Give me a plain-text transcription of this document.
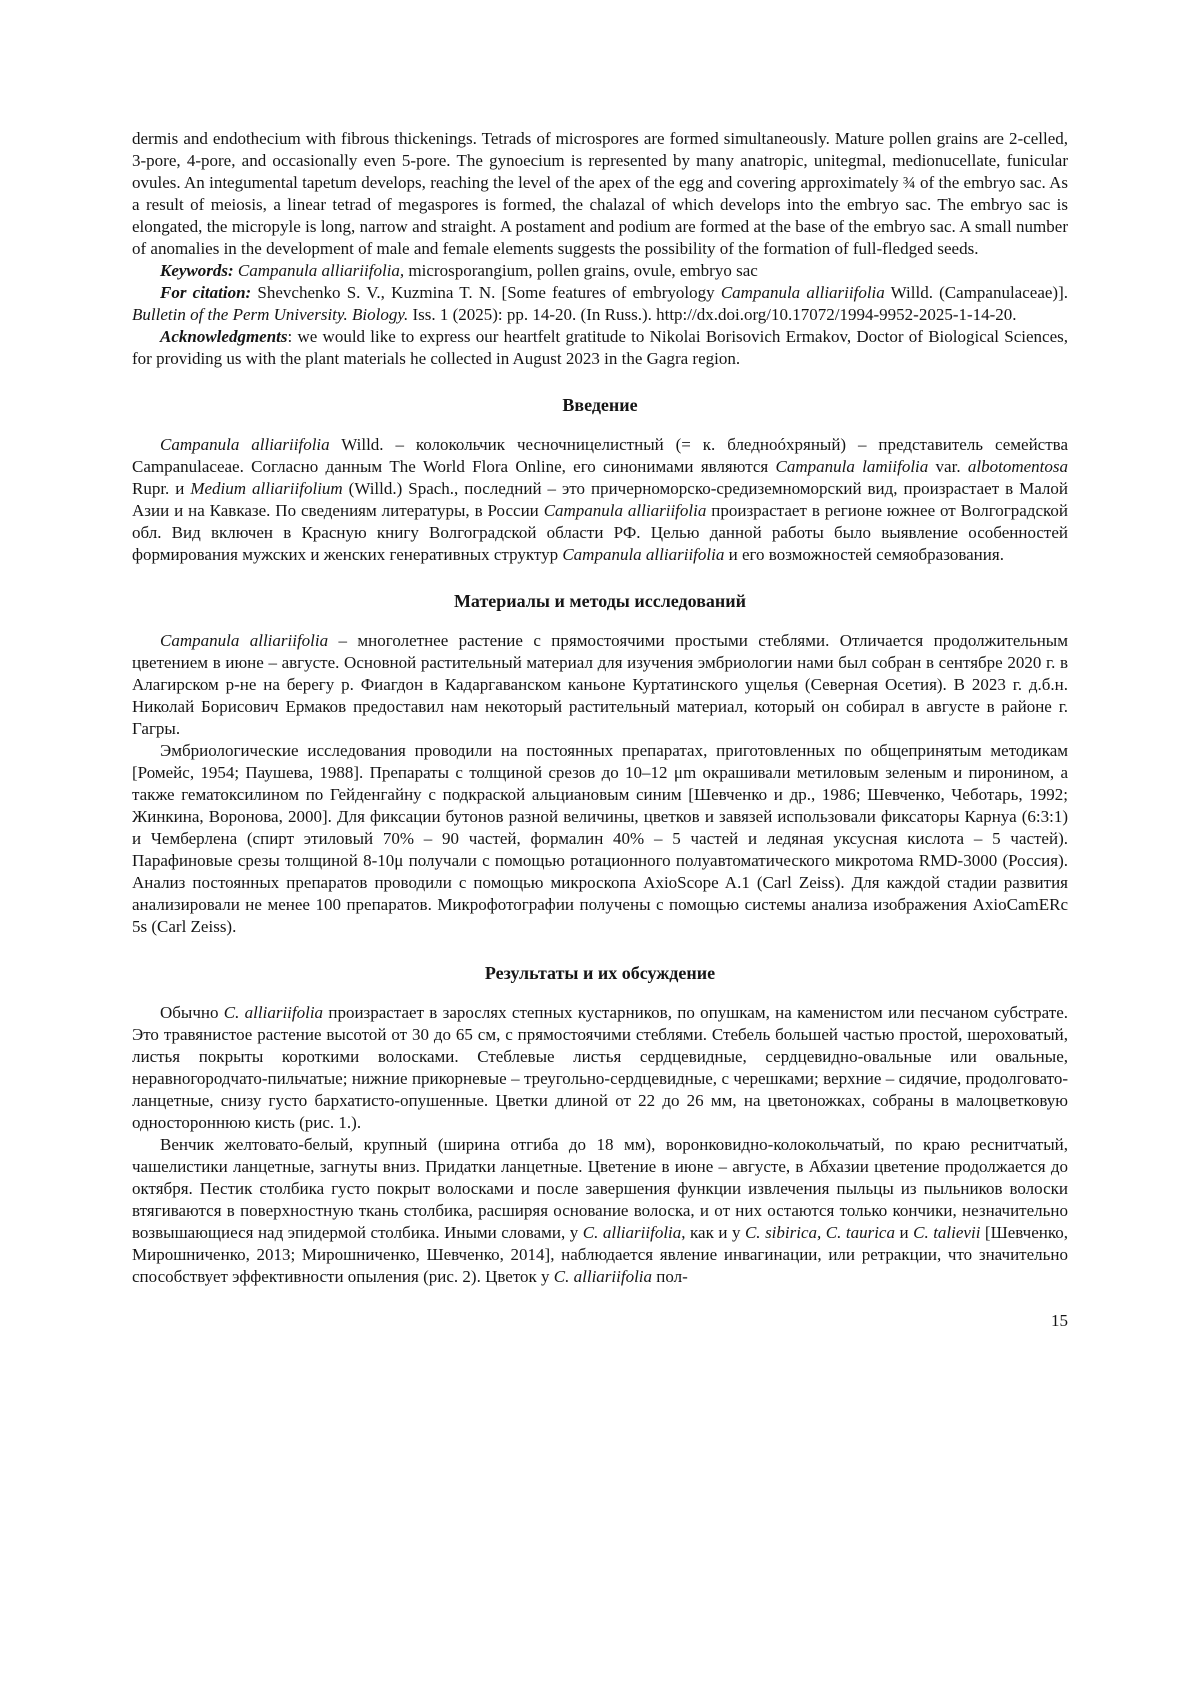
dermis and endothecium with fibrous thickenings. Tetrads of microspores are formed simultaneously. Mature pollen grains are 2-celled, 3-pore, 4-pore, and occasionally even 5-pore. The gynoecium is represented by many anatropic, unitegmal, medionucellate, funicular ovules. An integumental tapetum develops, reaching the level of the apex of the egg and covering approximately ¾ of the embryo sac. As a result of meiosis, a linear tetrad of megaspores is formed, the chalazal of which develops into the embryo sac. The embryo sac is elongated, the micropyle is long, narrow and straight. A postament and podium are formed at the base of the embryo sac. A small number of anomalies in the development of male and female elements suggests the possibility of the formation of full-fledged seeds.

Keywords: Campanula alliariifolia, microsporangium, pollen grains, ovule, embryo sac

For citation: Shevchenko S. V., Kuzmina T. N. [Some features of embryology Campanula alliariifolia Willd. (Campanulaceae)]. Bulletin of the Perm University. Biology. Iss. 1 (2025): pp. 14-20. (In Russ.). http://dx.doi.org/10.17072/1994-9952-2025-1-14-20.

Acknowledgments: we would like to express our heartfelt gratitude to Nikolai Borisovich Ermakov, Doctor of Biological Sciences, for providing us with the plant materials he collected in August 2023 in the Gagra region.

Введение

Campanula alliariifolia Willd. – колокольчик чесночницелистный (= к. бледноóхряный) – представитель семейства Campanulaceae. Согласно данным The World Flora Online, его синонимами являются Campanula lamiifolia var. albotomentosa Rupr. и Medium alliariifolium (Willd.) Spach., последний – это причерноморско-средиземноморский вид, произрастает в Малой Азии и на Кавказе. По сведениям литературы, в России Campanula alliariifolia произрастает в регионе южнее от Волгоградской обл. Вид включен в Красную книгу Волгоградской области РФ. Целью данной работы было выявление особенностей формирования мужских и женских генеративных структур Campanula alliariifolia и его возможностей семяобразования.

Материалы и методы исследований

Campanula alliariifolia – многолетнее растение с прямостоячими простыми стеблями. Отличается продолжительным цветением в июне – августе. Основной растительный материал для изучения эмбриологии нами был собран в сентябре 2020 г. в Алагирском р-не на берегу р. Фиагдон в Кадаргаванском каньоне Куртатинского ущелья (Северная Осетия). В 2023 г. д.б.н. Николай Борисович Ермаков предоставил нам некоторый растительный материал, который он собирал в августе в районе г. Гагры.

Эмбриологические исследования проводили на постоянных препаратах, приготовленных по общепринятым методикам [Ромейс, 1954; Паушева, 1988]. Препараты с толщиной срезов до 10–12 μm окрашивали метиловым зеленым и пиронином, а также гематоксилином по Гейденгайну с подкраской альциановым синим [Шевченко и др., 1986; Шевченко, Чеботарь, 1992; Жинкина, Воронова, 2000]. Для фиксации бутонов разной величины, цветков и завязей использовали фиксаторы Карнуа (6:3:1) и Чемберлена (спирт этиловый 70% – 90 частей, формалин 40% – 5 частей и ледяная уксусная кислота – 5 частей). Парафиновые срезы толщиной 8-10μ получали с помощью ротационного полуавтоматического микротома RMD-3000 (Россия). Анализ постоянных препаратов проводили с помощью микроскопа AxioScope A.1 (Carl Zeiss). Для каждой стадии развития анализировали не менее 100 препаратов. Микрофотографии получены с помощью системы анализа изображения AxioCamERc 5s (Carl Zeiss).

Результаты и их обсуждение

Обычно C. alliariifolia произрастает в зарослях степных кустарников, по опушкам, на каменистом или песчаном субстрате. Это травянистое растение высотой от 30 до 65 см, с прямостоячими стеблями. Стебель большей частью простой, шероховатый, листья покрыты короткими волосками. Стеблевые листья сердцевидные, сердцевидно-овальные или овальные, неравногородчато-пильчатые; нижние прикорневые – треугольно-сердцевидные, с черешками; верхние – сидячие, продолговато-ланцетные, снизу густо бархатисто-опушенные. Цветки длиной от 22 до 26 мм, на цветоножках, собраны в малоцветковую одностороннюю кисть (рис. 1.).

Венчик желтовато-белый, крупный (ширина отгиба до 18 мм), воронковидно-колокольчатый, по краю реснитчатый, чашелистики ланцетные, загнуты вниз. Придатки ланцетные. Цветение в июне – августе, в Абхазии цветение продолжается до октября. Пестик столбика густо покрыт волосками и после завершения функции извлечения пыльцы из пыльников волоски втягиваются в поверхностную ткань столбика, расширяя основание волоска, и от них остаются только кончики, незначительно возвышающиеся над эпидермой столбика. Иными словами, у C. alliariifolia, как и у C. sibirica, C. taurica и C. talievii [Шевченко, Мирошниченко, 2013; Мирошниченко, Шевченко, 2014], наблюдается явление инвагинации, или ретракции, что значительно способствует эффективности опыления (рис. 2). Цветок у C. alliariifolia пол-

15
